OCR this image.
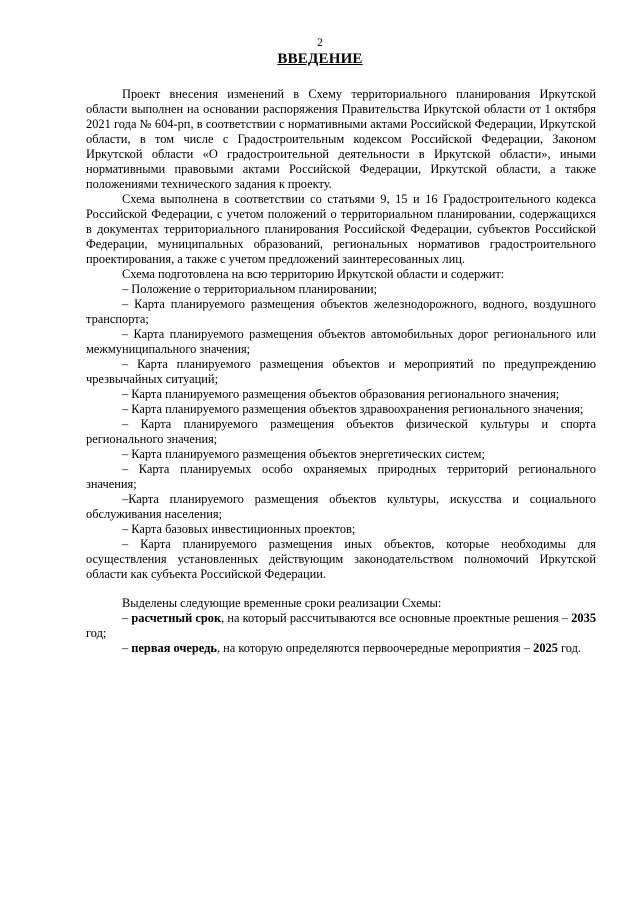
2
ВВЕДЕНИЕ

Проект внесения изменений в Схему территориального планирования Иркутской области выполнен на основании распоряжения Правительства Иркутской области от 1 октября 2021 года № 604-рп, в соответствии с нормативными актами Российской Федерации, Иркутской области, в том числе с Градостроительным кодексом Российской Федерации, Законом Иркутской области «О градостроительной деятельности в Иркутской области», иными нормативными правовыми актами Российской Федерации, Иркутской области, а также положениями технического задания к проекту.

Схема выполнена в соответствии со статьями 9, 15 и 16 Градостроительного кодекса Российской Федерации, с учетом положений о территориальном планировании, содержащихся в документах территориального планирования Российской Федерации, субъектов Российской Федерации, муниципальных образований, региональных нормативов градостроительного проектирования, а также с учетом предложений заинтересованных лиц.

Схема подготовлена на всю территорию Иркутской области и содержит:

– Положение о территориальном планировании;

– Карта планируемого размещения объектов железнодорожного, водного, воздушного транспорта;

– Карта планируемого размещения объектов автомобильных дорог регионального или межмуниципального значения;

– Карта планируемого размещения объектов и мероприятий по предупреждению чрезвычайных ситуаций;

– Карта планируемого размещения объектов образования регионального значения;

– Карта планируемого размещения объектов здравоохранения регионального значения;

– Карта планируемого размещения объектов физической культуры и спорта регионального значения;

– Карта планируемого размещения объектов энергетических систем;

– Карта планируемых особо охраняемых природных территорий регионального значения;

–Карта планируемого размещения объектов культуры, искусства и социального обслуживания населения;

– Карта базовых инвестиционных проектов;

– Карта планируемого размещения иных объектов, которые необходимы для осуществления установленных действующим законодательством полномочий Иркутской области как субъекта Российской Федерации.

Выделены следующие временные сроки реализации Схемы:

– расчетный срок, на который рассчитываются все основные проектные решения – 2035 год;

– первая очередь, на которую определяются первоочередные мероприятия – 2025 год.
